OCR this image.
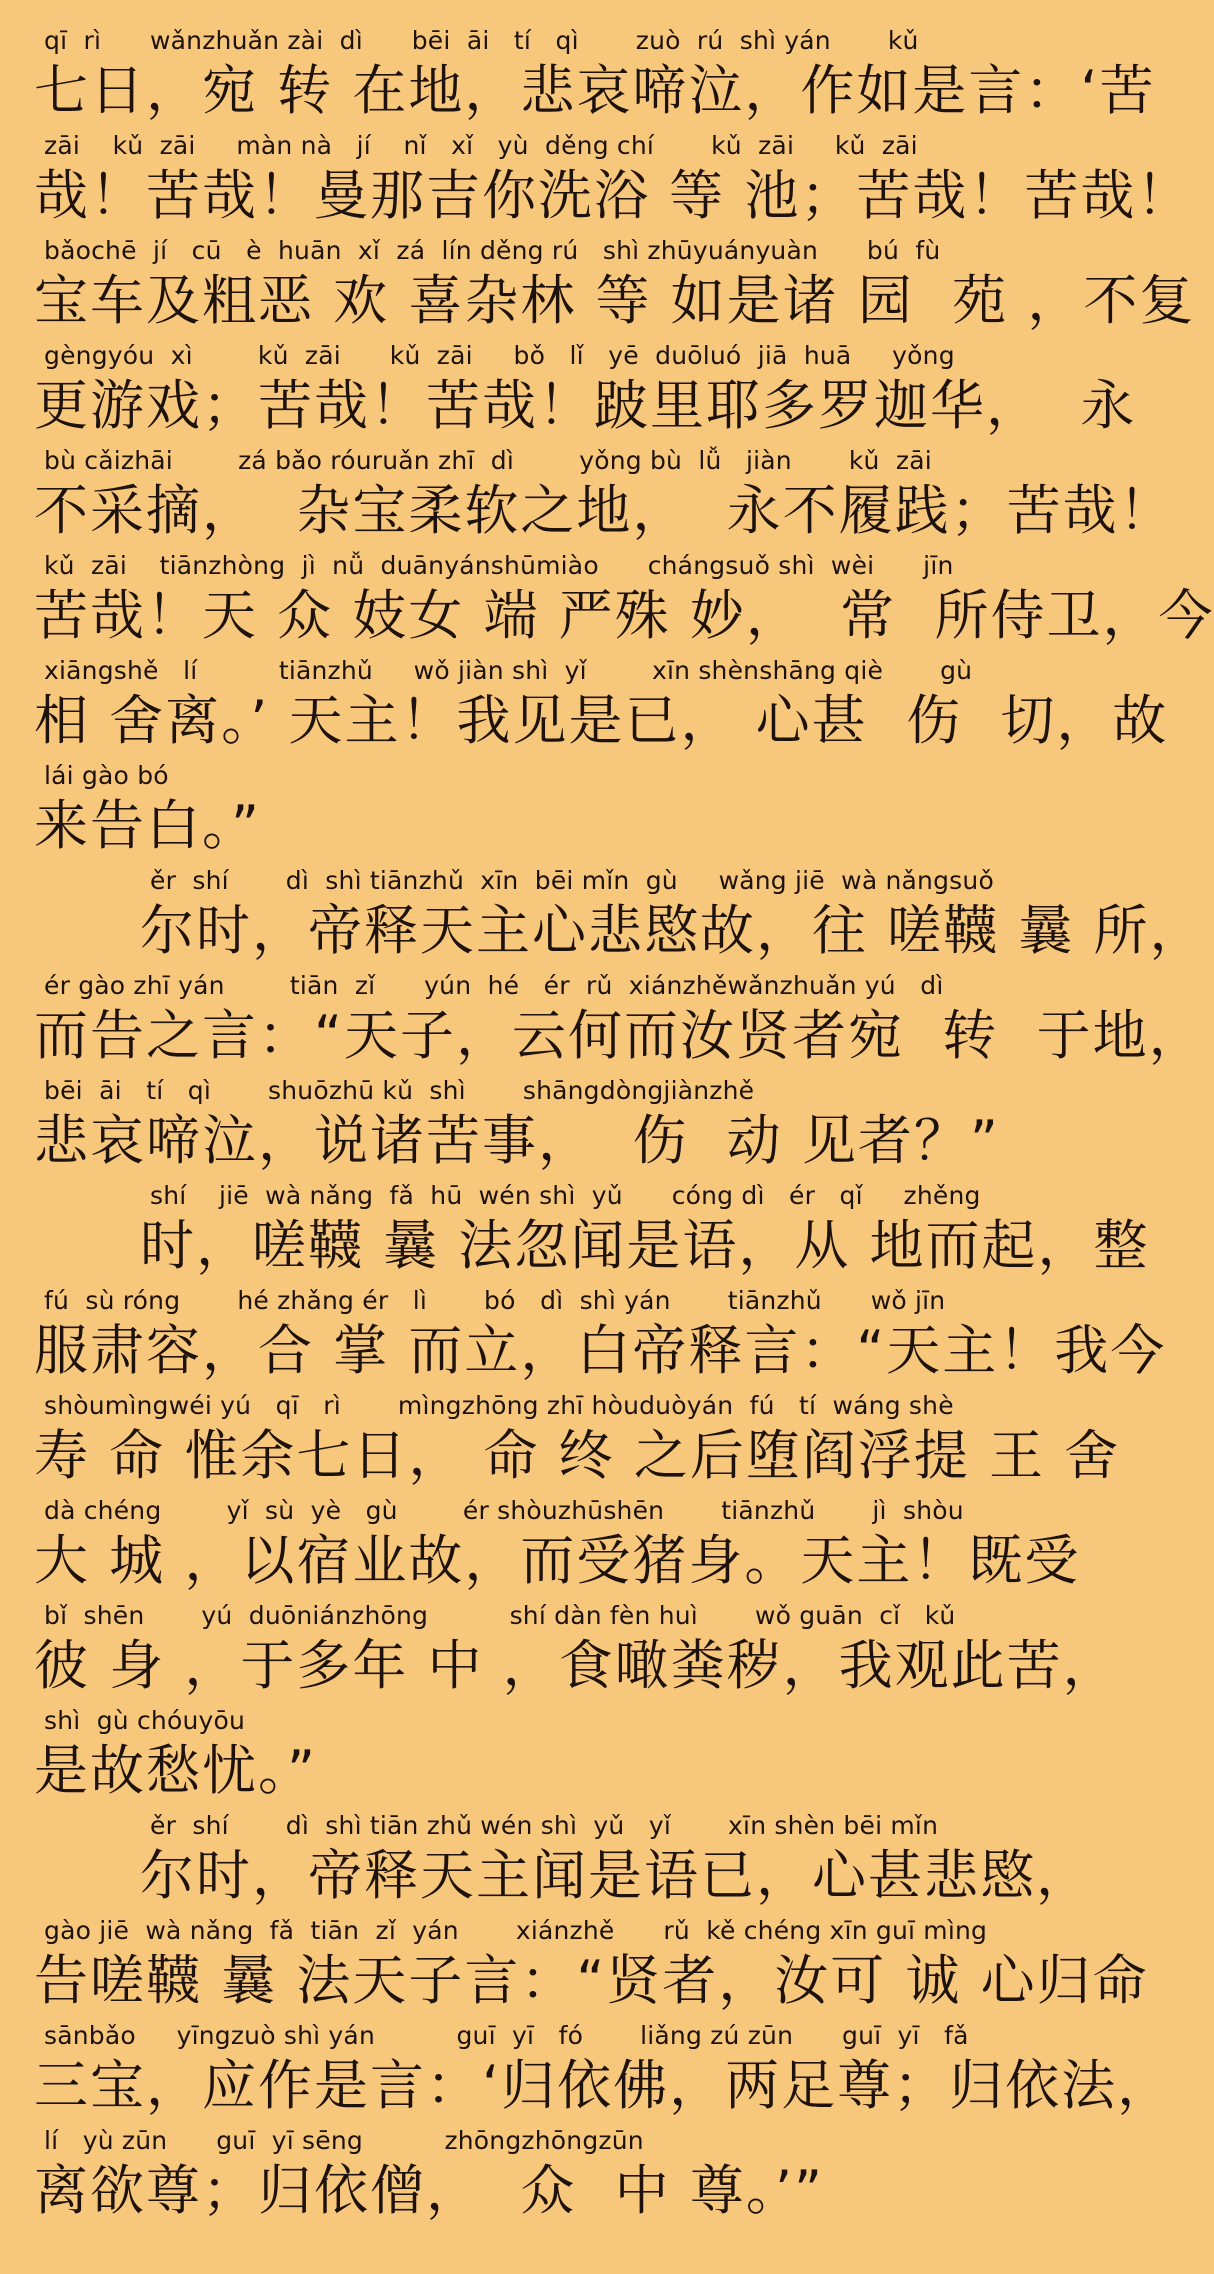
qī  rì      wǎnzhuǎn zài  dì      bēi  āi   tí   qì       zuò  rú  shì yán       kǔ
七日，宛 转 在地，悲哀啼泣，作如是言：‘苦
zāi    kǔ  zāi     màn nà   jí    nǐ   xǐ   yù  děng chí       kǔ  zāi     kǔ  zāi
哉！苦哉！曼那吉你洗浴 等 池；苦哉！苦哉！
bǎochē  jí   cū   è  huān  xǐ  zá  lín děng rú   shì zhūyuányuàn      bú  fù
宝车及粗恶 欢 喜杂林 等 如是诸 园  苑 ，不复
gèngyóu  xì        kǔ  zāi      kǔ  zāi     bǒ   lǐ   yē  duōluó  jiā  huā     yǒng
更游戏；苦哉！苦哉！跛里耶多罗迦华，  永
bù cǎizhāi        zá bǎo róuruǎn zhī  dì        yǒng bù  lǚ   jiàn       kǔ  zāi
不采摘，  杂宝柔软之地，  永不履践；苦哉！
kǔ  zāi    tiānzhòng  jì  nǚ  duānyánshūmiào      chángsuǒ shì  wèi      jīn
苦哉！天 众 妓女 端 严殊 妙，  常  所侍卫，今
xiāngshě   lí          tiānzhǔ     wǒ jiàn shì  yǐ        xīn shènshāng qiè       gù
相 舍离。’ 天主！我见是已， 心甚  伤  切，故
lái gào bó
来告白。”
ěr  shí       dì  shì tiānzhǔ  xīn  bēi mǐn  gù     wǎng jiē  wà nǎngsuǒ
尔时，帝释天主心悲愍故，往 嗟韈 曩 所，
ér gào zhī yán        tiān  zǐ      yún  hé   ér  rǔ  xiánzhěwǎnzhuǎn yú   dì
而告之言：“天子，云何而汝贤者宛  转  于地，
bēi  āi   tí   qì       shuōzhū kǔ  shì       shāngdòngjiànzhě
悲哀啼泣，说诸苦事，  伤  动 见者？”
shí    jiē  wà nǎng  fǎ  hū  wén shì  yǔ      cóng dì   ér   qǐ     zhěng
时，嗟韈 曩 法忽闻是语，从 地而起，整
fú  sù róng       hé zhǎng ér   lì       bó   dì  shì yán       tiānzhǔ      wǒ jīn
服肃容，合 掌 而立，白帝释言：“天主！我今
shòumìngwéi yú   qī   rì       mìngzhōng zhī hòuduòyán  fú   tí  wáng shè
寿 命 惟余七日， 命 终 之后堕阎浮提 王 舍
dà chéng        yǐ  sù  yè   gù        ér shòuzhūshēn       tiānzhǔ       jì  shòu
大 城 ，以宿业故，而受猪身。天主！既受
bǐ  shēn       yú  duōniánzhōng          shí dàn fèn huì       wǒ guān  cǐ   kǔ
彼 身 ，于多年 中 ，食噉粪秽，我观此苦，
shì  gù chóuyōu
是故愁忧。”
ěr  shí       dì  shì tiān zhǔ wén shì  yǔ   yǐ       xīn shèn bēi mǐn
尔时，帝释天主闻是语已，心甚悲愍，
gào jiē  wà nǎng  fǎ  tiān  zǐ  yán       xiánzhě      rǔ  kě chéng xīn guī mìng
告嗟韈 曩 法天子言：“贤者，汝可 诚 心归命
sānbǎo     yīngzuò shì yán          guī  yī   fó       liǎng zú zūn      guī  yī   fǎ
三宝，应作是言：‘归依佛，两足尊；归依法，
lí   yù zūn      guī  yī sēng          zhōngzhōngzūn
离欲尊；归依僧，  众  中 尊。’”
